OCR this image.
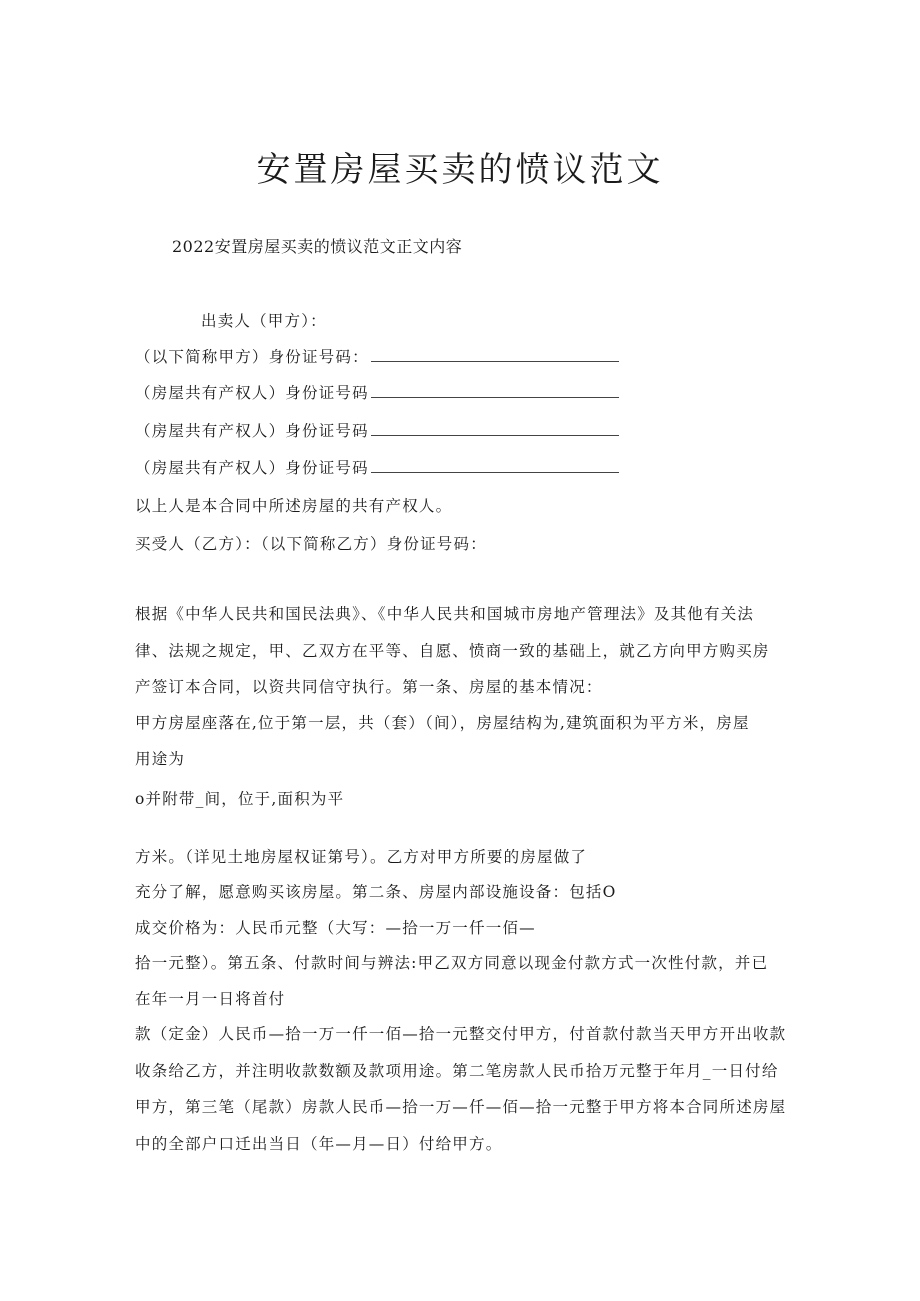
安置房屋买卖的愤议范文
2022安置房屋买卖的愤议范文正文内容
出卖人（甲方）：
（以下简称甲方）身份证号码：
（房屋共有产权人）身份证号码
（房屋共有产权人）身份证号码
（房屋共有产权人）身份证号码
以上人是本合同中所述房屋的共有产权人。
买受人（乙方）：（以下简称乙方）身份证号码：
根据《中华人民共和国民法典》、《中华人民共和国城市房地产管理法》及其他有关法
律、法规之规定，甲、乙双方在平等、自愿、愤商一致的基础上，就乙方向甲方购买房
产签订本合同，以资共同信守执行。第一条、房屋的基本情况：
甲方房屋座落在,位于第一层，共（套）（间），房屋结构为,建筑面积为平方米，房屋
用途为
o并附带_间，位于,面积为平
方米。（详见土地房屋权证第号）。乙方对甲方所要的房屋做了
充分了解，愿意购买该房屋。第二条、房屋内部设施设备：包括O
成交价格为：人民币元整（大写：—拾一万一仟一佰—
拾一元整）。第五条、付款时间与辨法:甲乙双方同意以现金付款方式一次性付款，并已
在年一月一日将首付
款（定金）人民币—拾一万一仟一佰—拾一元整交付甲方，付首款付款当天甲方开出收款
收条给乙方，并注明收款数额及款项用途。第二笔房款人民币拾万元整于年月_一日付给
甲方，第三笔（尾款）房款人民币—拾一万—仟—佰—拾一元整于甲方将本合同所述房屋
中的全部户口迁出当日（年—月—日）付给甲方。
